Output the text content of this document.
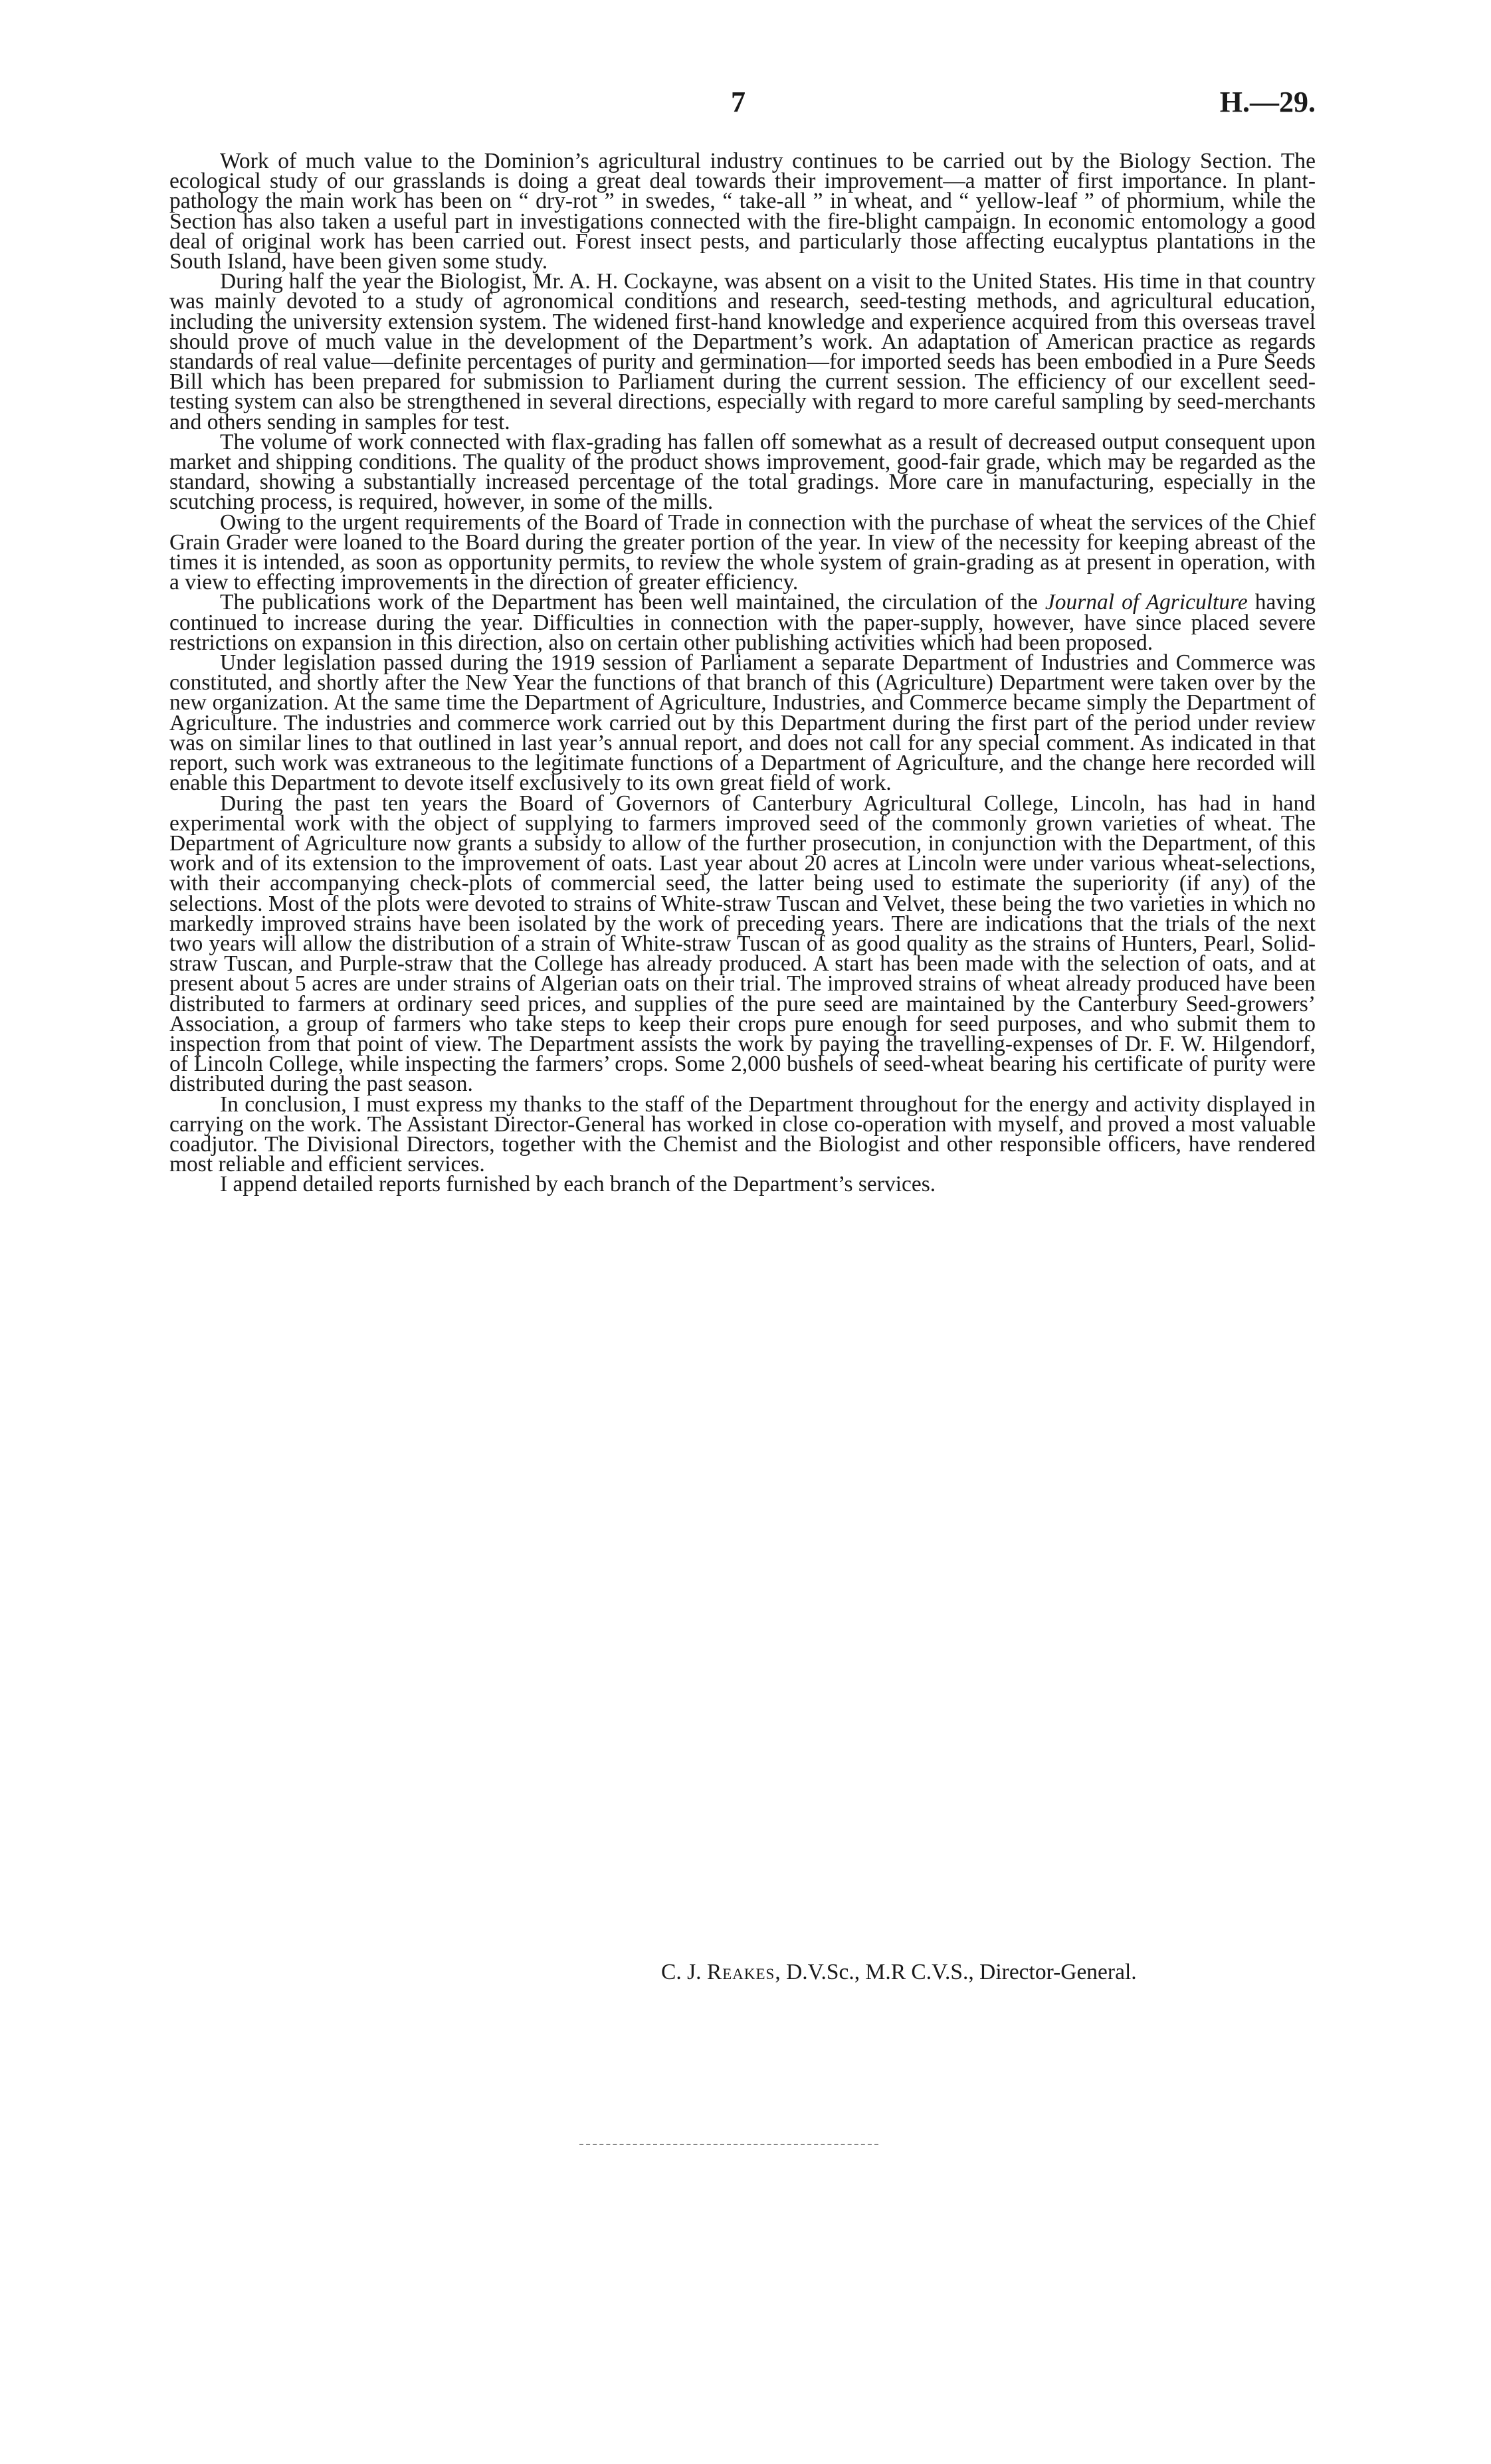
7	H.—29.

Work of much value to the Dominion’s agricultural industry continues to be carried out by the Biology Section. The ecological study of our grasslands is doing a great deal towards their improvement—a matter of first importance. In plant-pathology the main work has been on “ dry-rot ” in swedes, “ take-all ” in wheat, and “ yellow-leaf ” of phormium, while the Section has also taken a useful part in investigations connected with the fire-blight campaign. In economic entomology a good deal of original work has been carried out. Forest insect pests, and particularly those affecting eucalyptus plantations in the South Island, have been given some study.

During half the year the Biologist, Mr. A. H. Cockayne, was absent on a visit to the United States. His time in that country was mainly devoted to a study of agronomical conditions and research, seed-testing methods, and agricultural education, including the university extension system. The widened first-hand knowledge and experience acquired from this overseas travel should prove of much value in the development of the Department’s work. An adaptation of American practice as regards standards of real value—definite percentages of purity and germination—for imported seeds has been embodied in a Pure Seeds Bill which has been prepared for submission to Parliament during the current session. The efficiency of our excellent seed-testing system can also be strengthened in several directions, especially with regard to more careful sampling by seed-merchants and others sending in samples for test.

The volume of work connected with flax-grading has fallen off somewhat as a result of decreased output consequent upon market and shipping conditions. The quality of the product shows improvement, good-fair grade, which may be regarded as the standard, showing a substantially increased percentage of the total gradings. More care in manufacturing, especially in the scutching process, is required, however, in some of the mills.

Owing to the urgent requirements of the Board of Trade in connection with the purchase of wheat the services of the Chief Grain Grader were loaned to the Board during the greater portion of the year. In view of the necessity for keeping abreast of the times it is intended, as soon as opportunity permits, to review the whole system of grain-grading as at present in operation, with a view to effecting improvements in the direction of greater efficiency.

The publications work of the Department has been well maintained, the circulation of the Journal of Agriculture having continued to increase during the year. Difficulties in connection with the paper-supply, however, have since placed severe restrictions on expansion in this direction, also on certain other publishing activities which had been proposed.

Under legislation passed during the 1919 session of Parliament a separate Department of Industries and Commerce was constituted, and shortly after the New Year the functions of that branch of this (Agriculture) Department were taken over by the new organization. At the same time the Department of Agriculture, Industries, and Commerce became simply the Department of Agriculture. The industries and commerce work carried out by this Department during the first part of the period under review was on similar lines to that outlined in last year’s annual report, and does not call for any special comment. As indicated in that report, such work was extraneous to the legitimate functions of a Department of Agriculture, and the change here recorded will enable this Department to devote itself exclusively to its own great field of work.

During the past ten years the Board of Governors of Canterbury Agricultural College, Lincoln, has had in hand experimental work with the object of supplying to farmers improved seed of the commonly grown varieties of wheat. The Department of Agriculture now grants a subsidy to allow of the further prosecution, in conjunction with the Department, of this work and of its extension to the improvement of oats. Last year about 20 acres at Lincoln were under various wheat-selections, with their accompanying check-plots of commercial seed, the latter being used to estimate the superiority (if any) of the selections. Most of the plots were devoted to strains of White-straw Tuscan and Velvet, these being the two varieties in which no markedly improved strains have been isolated by the work of preceding years. There are indications that the trials of the next two years will allow the distribution of a strain of White-straw Tuscan of as good quality as the strains of Hunters, Pearl, Solid-straw Tuscan, and Purple-straw that the College has already produced. A start has been made with the selection of oats, and at present about 5 acres are under strains of Algerian oats on their trial. The improved strains of wheat already produced have been distributed to farmers at ordinary seed prices, and supplies of the pure seed are maintained by the Canterbury Seed-growers’ Association, a group of farmers who take steps to keep their crops pure enough for seed purposes, and who submit them to inspection from that point of view. The Department assists the work by paying the travelling-expenses of Dr. F. W. Hilgendorf, of Lincoln College, while inspecting the farmers’ crops. Some 2,000 bushels of seed-wheat bearing his certificate of purity were distributed during the past season.

In conclusion, I must express my thanks to the staff of the Department throughout for the energy and activity displayed in carrying on the work. The Assistant Director-General has worked in close co-operation with myself, and proved a most valuable coadjutor. The Divisional Directors, together with the Chemist and the Biologist and other responsible officers, have rendered most reliable and efficient services.

I append detailed reports furnished by each branch of the Department’s services.

C. J. Reakes, D.V.Sc., M.R C.V.S., Director-General.
